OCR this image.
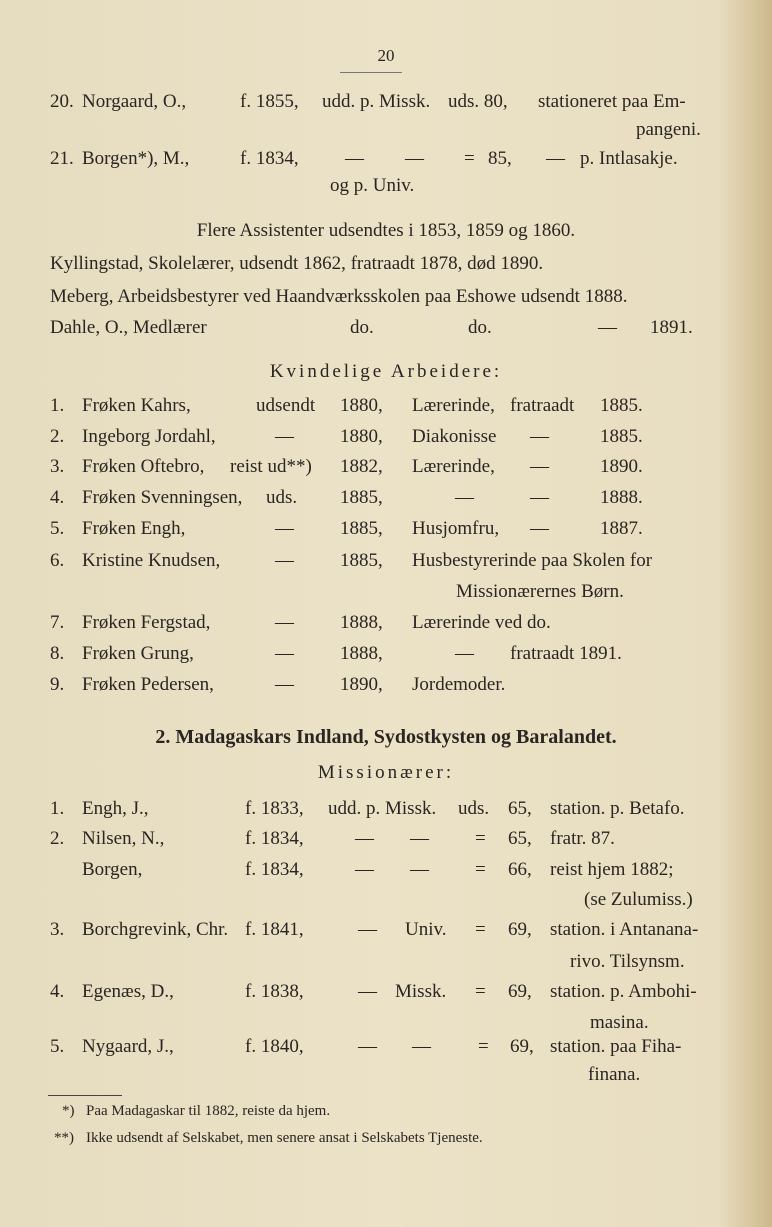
20
20. Norgaard, O.,	f. 1855, udd. p. Missk. uds. 80, stationeret paa Em-
pangeni.
21. Borgen*), M.,	f. 1834, — — = 85, — p. Intlasakje.
og p. Univ.
Flere Assistenter udsendtes i 1853, 1859 og 1860.
Kyllingstad, Skolelærer, udsendt 1862, fratraadt 1878, død 1890.
Meberg, Arbeidsbestyrer ved Haandværksskolen paa Eshowe udsendt 1888.
Dahle, O., Medlærer	do.	do.	— 1891.
Kvindelige Arbeidere:
1. Frøken Kahrs,	udsendt 1880, Lærerinde, fratraadt 1885.
2. Ingeborg Jordahl,	— 1880, Diakonisse —	1885.
3. Frøken Oftebro, reist ud**) 1882, Lærerinde, —	1890.
4. Frøken Svenningsen, uds. 1885,	—	—	1888.
5. Frøken Engh,	— 1885, Husjomfru, —	1887.
6. Kristine Knudsen,	— 1885, Husbestyrerinde paa Skolen for
Missionærernes Børn.
7. Frøken Fergstad,	— 1888, Lærerinde ved do.
8. Frøken Grung,	— 1888,	— fratraadt 1891.
9. Frøken Pedersen,	— 1890, Jordemoder.
2. Madagaskars Indland, Sydostkysten og Baralandet.
Missionærer:
1. Engh, J.,	f. 1833, udd. p. Missk. uds. 65, station. p. Betafo.
2. Nilsen, N.,	f. 1834,	— — = 65, fratr. 87.
Borgen,	f. 1834,	— — = 66, reist hjem 1882;
(se Zulumiss.)
3. Borchgrevink, Chr. f. 1841,	— Univ. = 69, station. i Antanana-
rivo. Tilsynsm.
4. Egenæs, D.,	f. 1838,	— Missk. = 69, station. p. Ambohi-
masina.
5. Nygaard, J.,	f. 1840,	— — = 69, station. paa Fiha-
finana.
*) Paa Madagaskar til 1882, reiste da hjem.
**) Ikke udsendt af Selskabet, men senere ansat i Selskabets Tjeneste.
